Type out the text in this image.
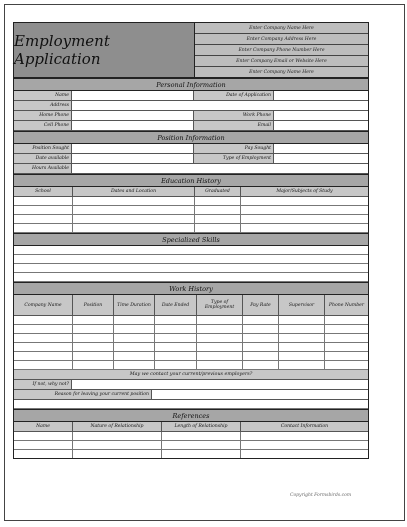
Employment Application
Enter Company Name Here
Enter Company Address Here
Enter Company Phone Number Here
Enter Company Email or Website Here
Enter Company Name Here
Personal Information
Name	Date of Application
Address
Home Phone	Work Phone
Cell Phone	Email
Position Information
Position Sought	Pay Sought
Date available	Type of Employment
Hours Available
Education History
School	Dates and Location	Graduated	Major/Subjects of Study
Specialized Skills
Work History
Company Name	Position	Time Duration	Date Ended	Type of Employment	Pay Rate	Supervisor	Phone Number
May we contact your current/previous employers?
If not, why not?
Reason for leaving your current position
References
Name	Nature of Relationship	Length of Relationship	Contact Information
Copyright Formsbirds.com
